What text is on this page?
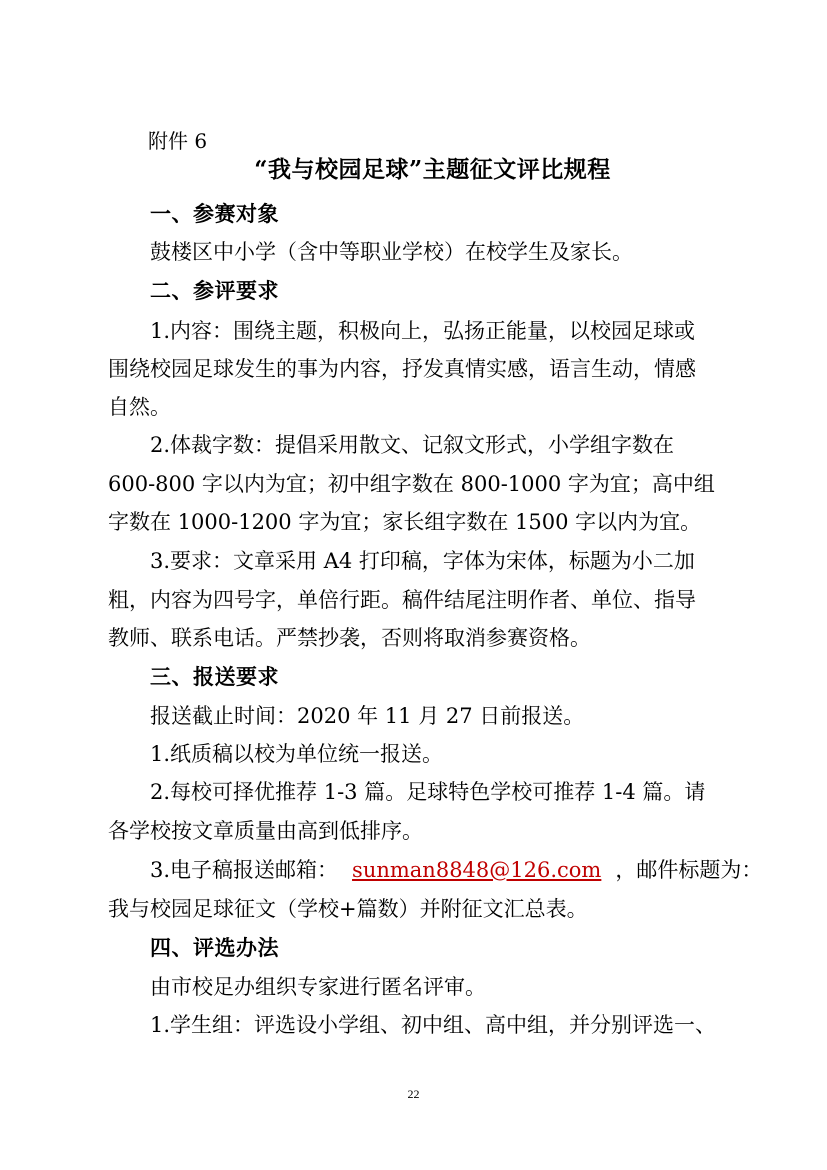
附件 6
“我与校园足球”主题征文评比规程
一、参赛对象
鼓楼区中小学（含中等职业学校）在校学生及家长。
二、参评要求
1.内容：围绕主题，积极向上，弘扬正能量，以校园足球或
围绕校园足球发生的事为内容，抒发真情实感，语言生动，情感
自然。
2.体裁字数：提倡采用散文、记叙文形式，小学组字数在
600-800 字以内为宜；初中组字数在 800-1000 字为宜；高中组
字数在 1000-1200 字为宜；家长组字数在 1500 字以内为宜。
3.要求：文章采用 A4 打印稿，字体为宋体，标题为小二加
粗，内容为四号字，单倍行距。稿件结尾注明作者、单位、指导
教师、联系电话。严禁抄袭，否则将取消参赛资格。
三、报送要求
报送截止时间：2020 年 11 月 27 日前报送。
1.纸质稿以校为单位统一报送。
2.每校可择优推荐 1-3 篇。足球特色学校可推荐 1-4 篇。请
各学校按文章质量由高到低排序。
3.电子稿报送邮箱： sunman8848@126.com ，邮件标题为：
我与校园足球征文（学校+篇数）并附征文汇总表。
四、评选办法
由市校足办组织专家进行匿名评审。
1.学生组：评选设小学组、初中组、高中组，并分别评选一、
22
